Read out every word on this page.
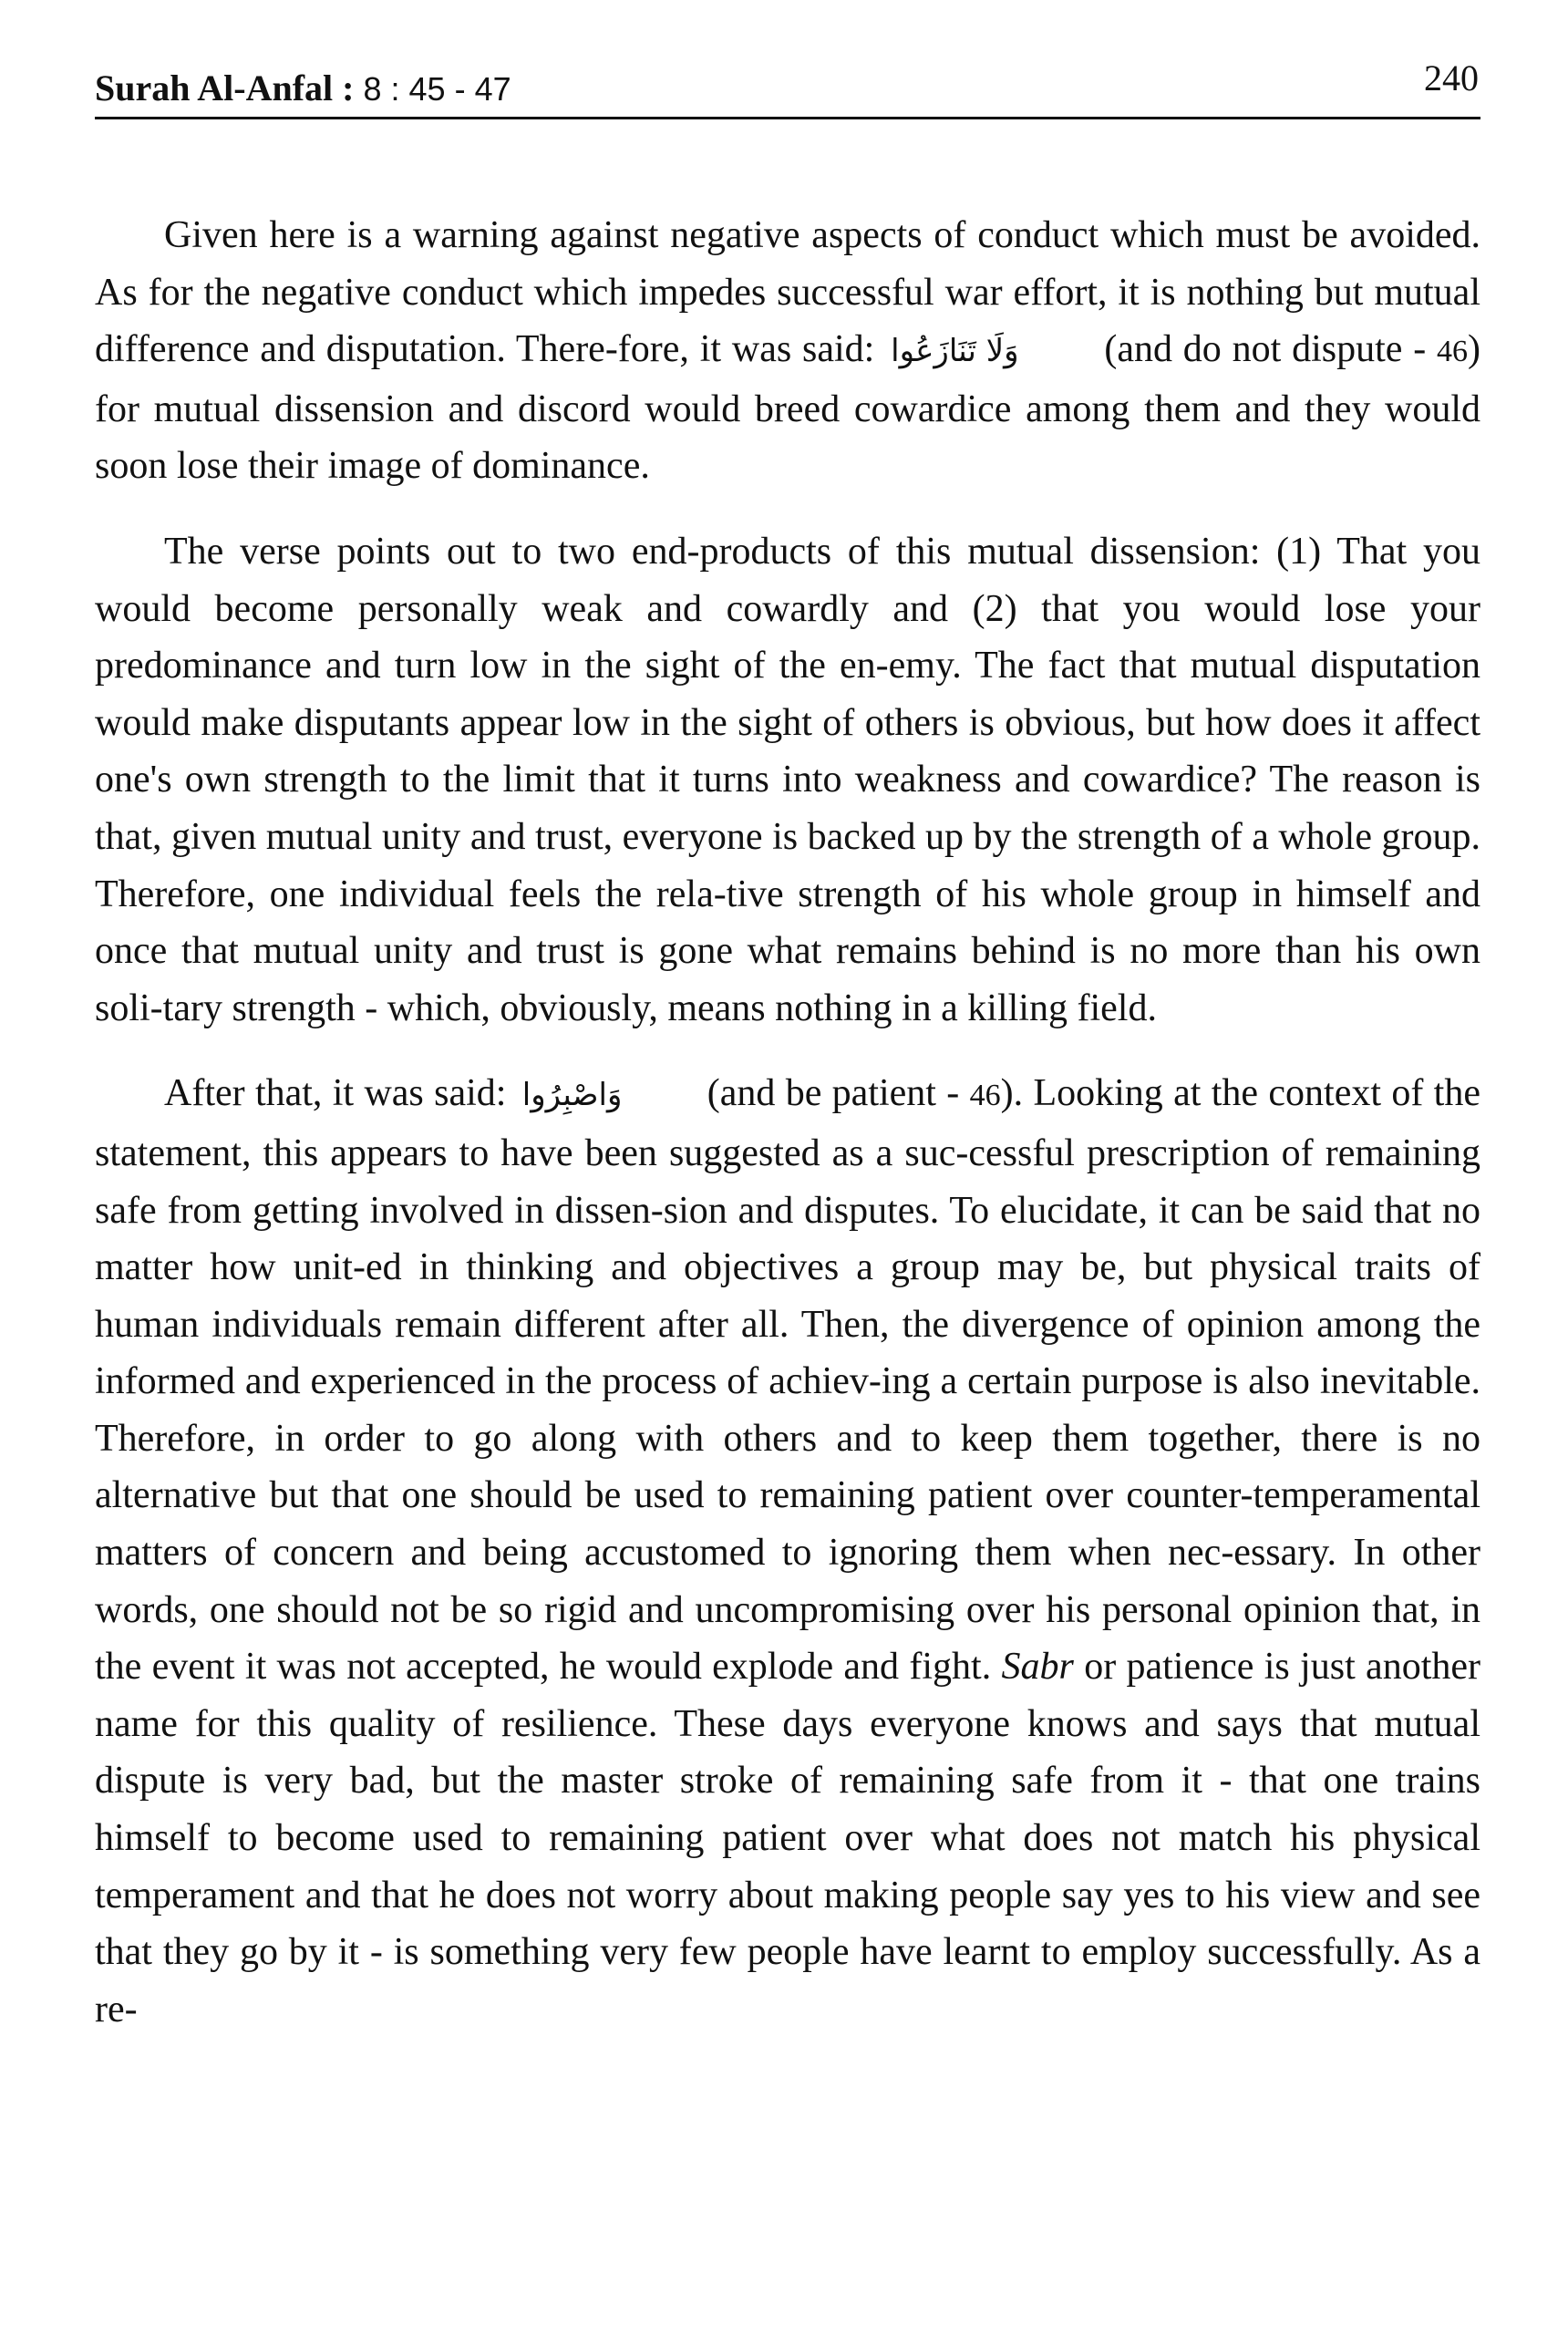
Surah Al-Anfal : 8 : 45 - 47	240

Given here is a warning against negative aspects of conduct which must be avoided. As for the negative conduct which impedes successful war effort, it is nothing but mutual difference and disputation. There-fore, it was said: وَلَا تَنَازَعُوا (and do not dispute - 46) for mutual dissension and discord would breed cowardice among them and they would soon lose their image of dominance.

The verse points out to two end-products of this mutual dissension: (1) That you would become personally weak and cowardly and (2) that you would lose your predominance and turn low in the sight of the en-emy. The fact that mutual disputation would make disputants appear low in the sight of others is obvious, but how does it affect one's own strength to the limit that it turns into weakness and cowardice? The reason is that, given mutual unity and trust, everyone is backed up by the strength of a whole group. Therefore, one individual feels the rela-tive strength of his whole group in himself and once that mutual unity and trust is gone what remains behind is no more than his own soli-tary strength - which, obviously, means nothing in a killing field.

After that, it was said: وَاصْبِرُوا (and be patient - 46). Looking at the context of the statement, this appears to have been suggested as a suc-cessful prescription of remaining safe from getting involved in dissen-sion and disputes. To elucidate, it can be said that no matter how unit-ed in thinking and objectives a group may be, but physical traits of human individuals remain different after all. Then, the divergence of opinion among the informed and experienced in the process of achiev-ing a certain purpose is also inevitable. Therefore, in order to go along with others and to keep them together, there is no alternative but that one should be used to remaining patient over counter-temperamental matters of concern and being accustomed to ignoring them when nec-essary. In other words, one should not be so rigid and uncompromising over his personal opinion that, in the event it was not accepted, he would explode and fight. Sabr or patience is just another name for this quality of resilience. These days everyone knows and says that mutual dispute is very bad, but the master stroke of remaining safe from it - that one trains himself to become used to remaining patient over what does not match his physical temperament and that he does not worry about making people say yes to his view and see that they go by it - is something very few people have learnt to employ successfully. As a re-
